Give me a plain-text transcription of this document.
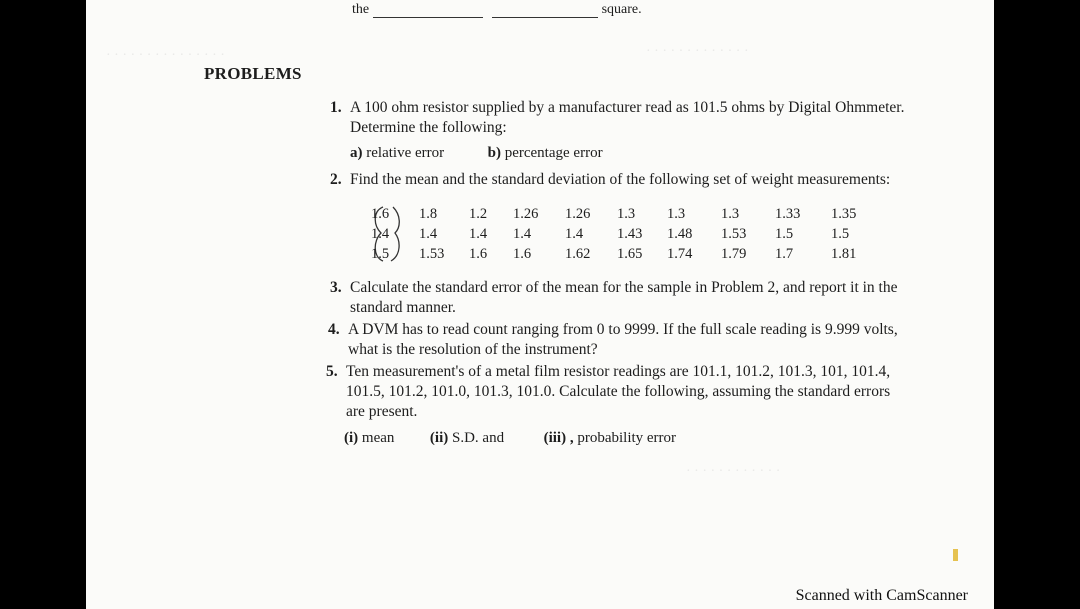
· · · · · · · · · · · · · · ·	· · · · · · · · · · · · ·
· · · · · · · · · · · ·
the	square.
PROBLEMS
1. A 100 ohm resistor supplied by a manufacturer read as 101.5 ohms by Digital Ohmmeter.
Determine the following:
a) relative error	b) percentage error
2. Find the mean and the standard deviation of the following set of weight measurements:
1.6	1.8	1.2	1.26	1.26	1.3	1.3	1.3	1.33	1.35
1.4	1.4	1.4	1.4	1.4	1.43	1.48	1.53	1.5	1.5
1.5	1.53	1.6	1.6	1.62	1.65	1.74	1.79	1.7	1.81
3. Calculate the standard error of the mean for the sample in Problem 2, and report it in the
standard manner.
4. A DVM has to read count ranging from 0 to 9999. If the full scale reading is 9.999 volts,
what is the resolution of the instrument?
5. Ten measurement's of a metal film resistor readings are 101.1, 101.2, 101.3, 101, 101.4,
101.5, 101.2, 101.0, 101.3, 101.0. Calculate the following, assuming the standard errors
are present.
(i) mean (ii) S.D. and	(iii) , probability error
Scanned with CamScanner
